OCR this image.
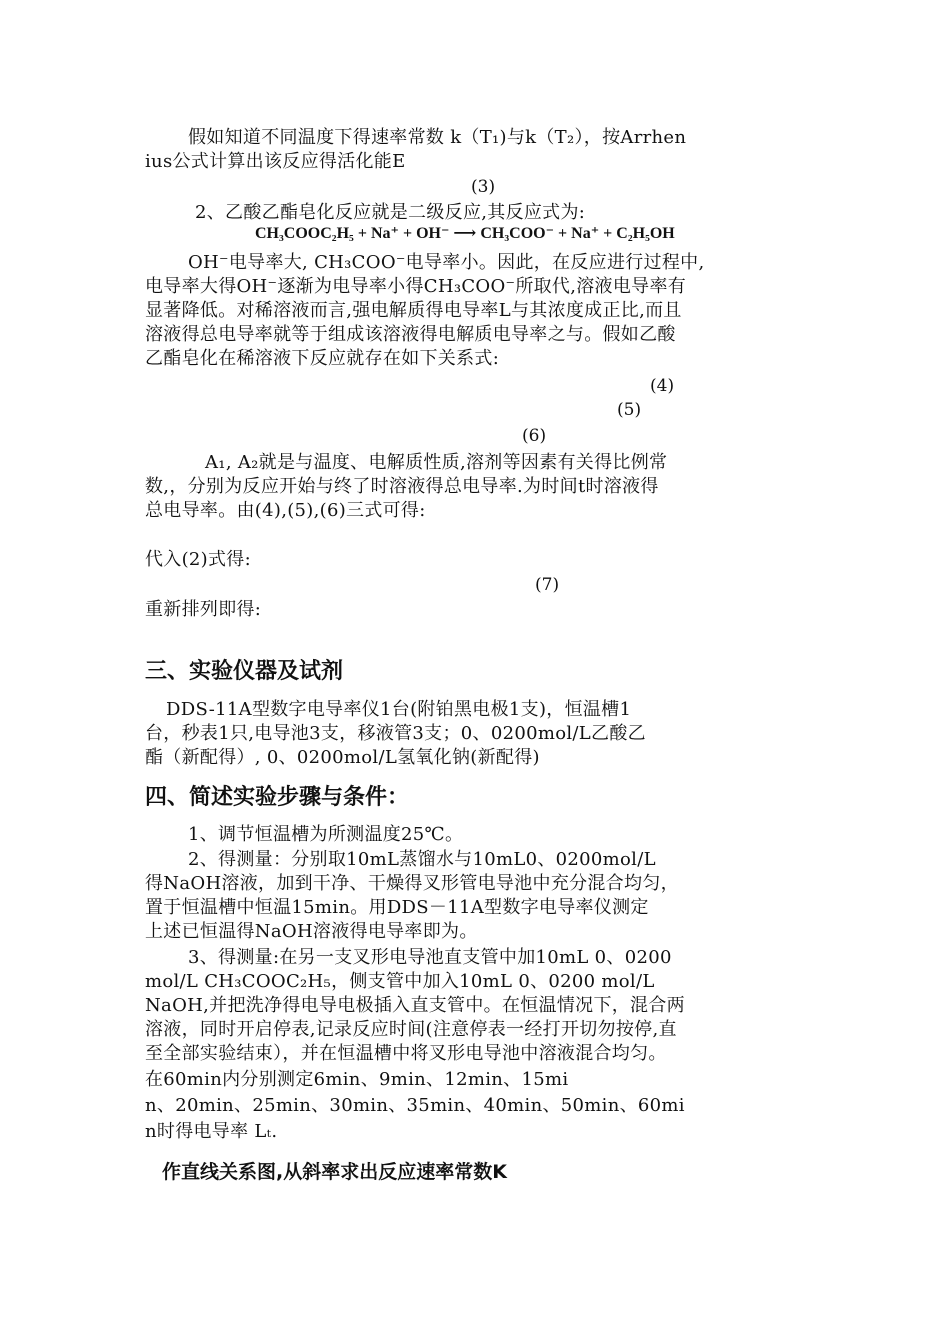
假如知道不同温度下得速率常数 k（T₁)与k（T₂），按Arrhen
ius公式计算出该反应得活化能E
(3)
2、乙酸乙酯皂化反应就是二级反应,其反应式为:
CH₃COOC₂H₅ + Na⁺ + OH⁻ ⟶ CH₃COO⁻ + Na⁺ + C₂H₅OH
OH⁻电导率大, CH₃COO⁻电导率小。因此，在反应进行过程中,
电导率大得OH⁻逐渐为电导率小得CH₃COO⁻所取代,溶液电导率有
显著降低。对稀溶液而言,强电解质得电导率L与其浓度成正比,而且
溶液得总电导率就等于组成该溶液得电解质电导率之与。假如乙酸
乙酯皂化在稀溶液下反应就存在如下关系式:
(4)
(5)
(6)
A₁, A₂就是与温度、电解质性质,溶剂等因素有关得比例常
数,，分别为反应开始与终了时溶液得总电导率.为时间t时溶液得
总电导率。由(4),(5),(6)三式可得:
代入(2)式得:
(7)
重新排列即得:
三、实验仪器及试剂
DDS-11A型数字电导率仪1台(附铂黑电极1支)，恒温槽1
台，秒表1只,电导池3支，移液管3支；0、0200mol/L乙酸乙
酯（新配得）, 0、0200mol/L氢氧化钠(新配得)
四、简述实验步骤与条件：
1、调节恒温槽为所测温度25℃。
2、得测量：分别取10mL蒸馏水与10mL0、0200mol/L
得NaOH溶液，加到干净、干燥得叉形管电导池中充分混合均匀，
置于恒温槽中恒温15min。用DDS－11A型数字电导率仪测定
上述已恒温得NaOH溶液得电导率即为。
3、得测量:在另一支叉形电导池直支管中加10mL 0、0200
mol/L CH₃COOC₂H₅，侧支管中加入10mL 0、0200 mol/L
NaOH,并把洗净得电导电极插入直支管中。在恒温情况下，混合两
溶液，同时开启停表,记录反应时间(注意停表一经打开切勿按停,直
至全部实验结束），并在恒温槽中将叉形电导池中溶液混合均匀。
在60min内分别测定6min、9min、12min、15mi
n、20min、25min、30min、35min、40min、50min、60mi
n时得电导率 Lₜ.
作直线关系图,从斜率求出反应速率常数K
